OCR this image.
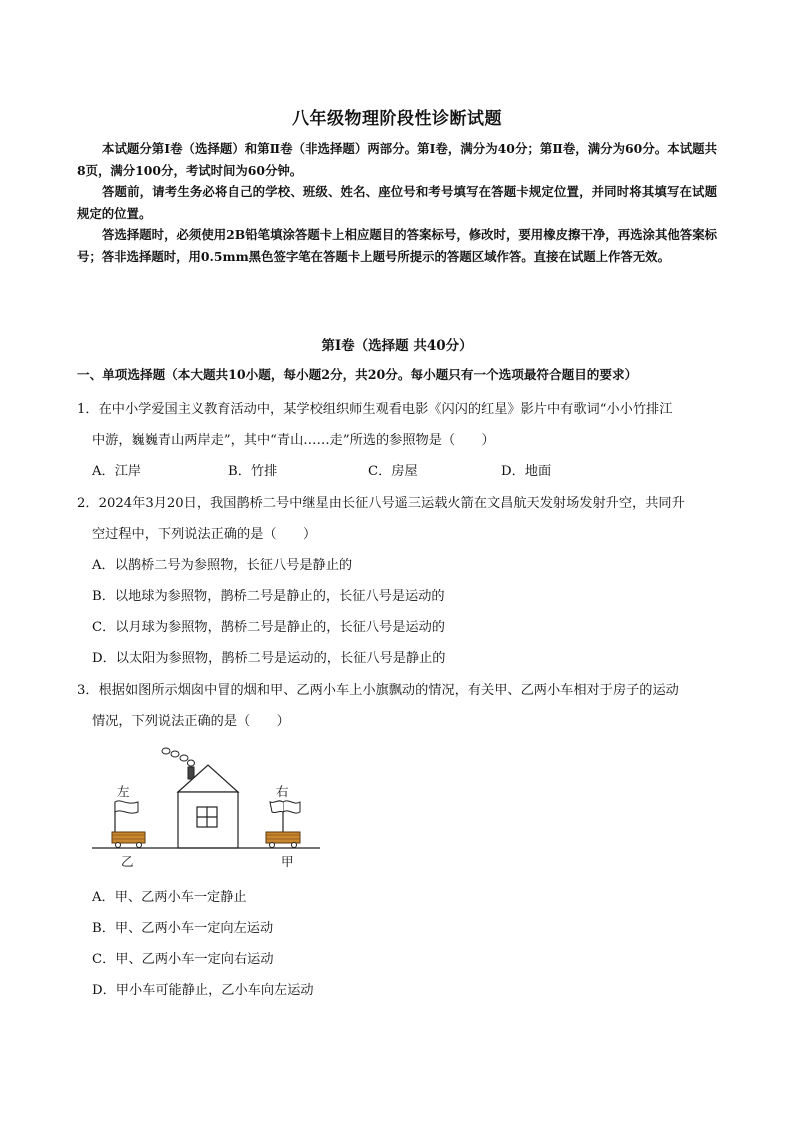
八年级物理阶段性诊断试题

本试题分第Ⅰ卷（选择题）和第Ⅱ卷（非选择题）两部分。第Ⅰ卷，满分为40分；第Ⅱ卷，满分为60分。本试题共8页，满分100分，考试时间为60分钟。

答题前，请考生务必将自己的学校、班级、姓名、座位号和考号填写在答题卡规定位置，并同时将其填写在试题规定的位置。

答选择题时，必须使用2B铅笔填涂答题卡上相应题目的答案标号，修改时，要用橡皮擦干净，再选涂其他答案标号；答非选择题时，用0.5mm黑色签字笔在答题卡上题号所提示的答题区域作答。直接在试题上作答无效。

第Ⅰ卷（选择题 共40分）
一、单项选择题（本大题共10小题，每小题2分，共20分。每小题只有一个选项最符合题目的要求）
1．在中小学爱国主义教育活动中，某学校组织师生观看电影《闪闪的红星》影片中有歌词“小小竹排江
中游，巍巍青山两岸走”，其中“青山……走”所选的参照物是（　　）
A．江岸	B．竹排	C．房屋	D．地面
2．2024年3月20日，我国鹊桥二号中继星由长征八号遥三运载火箭在文昌航天发射场发射升空，共同升
空过程中，下列说法正确的是（　　）
A．以鹊桥二号为参照物，长征八号是静止的
B．以地球为参照物，鹊桥二号是静止的，长征八号是运动的
C．以月球为参照物，鹊桥二号是静止的，长征八号是运动的
D．以太阳为参照物，鹊桥二号是运动的，长征八号是静止的
3．根据如图所示烟囱中冒的烟和甲、乙两小车上小旗飘动的情况，有关甲、乙两小车相对于房子的运动
情况，下列说法正确的是（　　）
左	右
乙	甲
A．甲、乙两小车一定静止
B．甲、乙两小车一定向左运动
C．甲、乙两小车一定向右运动
D．甲小车可能静止，乙小车向左运动
